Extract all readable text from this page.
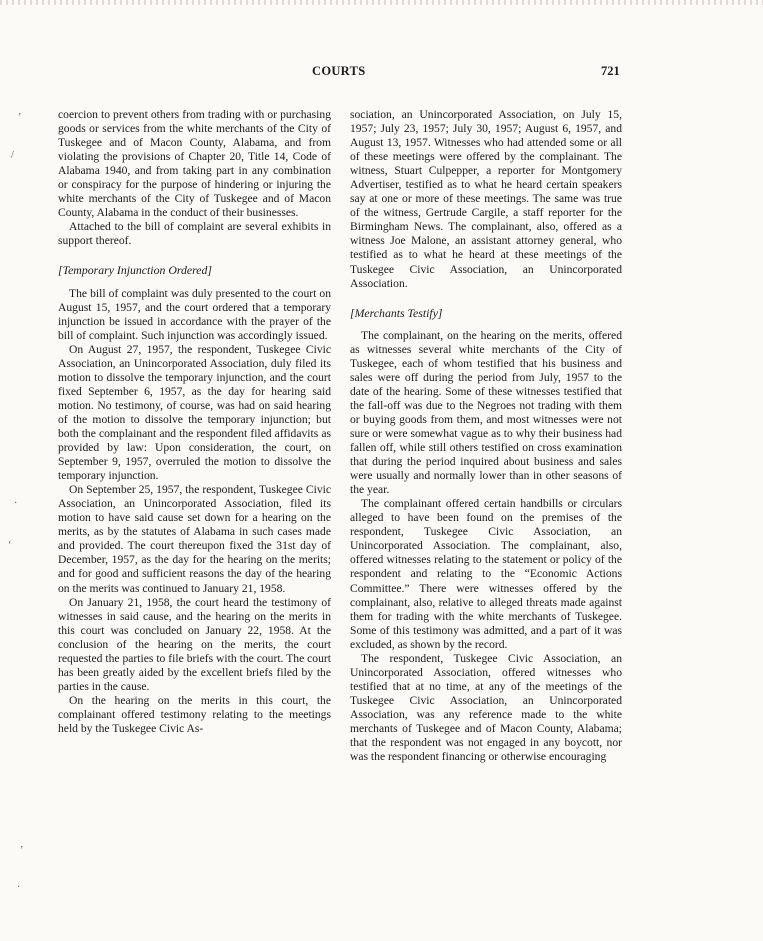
COURTS	721
’
/
·
‘
’
·

coercion to prevent others from trading with or purchasing goods or services from the white merchants of the City of Tuskegee and of Macon County, Alabama, and from violating the provisions of Chapter 20, Title 14, Code of Alabama 1940, and from taking part in any combination or conspiracy for the purpose of hindering or injuring the white merchants of the City of Tuskegee and of Macon County, Alabama in the conduct of their businesses.

Attached to the bill of complaint are several exhibits in support thereof.

[Temporary Injunction Ordered]

The bill of complaint was duly presented to the court on August 15, 1957, and the court ordered that a temporary injunction be issued in accordance with the prayer of the bill of complaint. Such injunction was accordingly issued.

On August 27, 1957, the respondent, Tuskegee Civic Association, an Unincorporated Association, duly filed its motion to dissolve the temporary injunction, and the court fixed September 6, 1957, as the day for hearing said motion. No testimony, of course, was had on said hearing of the motion to dissolve the temporary injunction; but both the complainant and the respondent filed affidavits as provided by law: Upon consideration, the court, on September 9, 1957, overruled the motion to dissolve the temporary injunction.

On September 25, 1957, the respondent, Tuskegee Civic Association, an Unincorporated Association, filed its motion to have said cause set down for a hearing on the merits, as by the statutes of Alabama in such cases made and provided. The court thereupon fixed the 31st day of December, 1957, as the day for the hearing on the merits; and for good and sufficient reasons the day of the hearing on the merits was continued to January 21, 1958.

On January 21, 1958, the court heard the testimony of witnesses in said cause, and the hearing on the merits in this court was concluded on January 22, 1958. At the conclusion of the hearing on the merits, the court requested the parties to file briefs with the court. The court has been greatly aided by the excellent briefs filed by the parties in the cause.

On the hearing on the merits in this court, the complainant offered testimony relating to the meetings held by the Tuskegee Civic As-

sociation, an Unincorporated Association, on July 15, 1957; July 23, 1957; July 30, 1957; August 6, 1957, and August 13, 1957. Witnesses who had attended some or all of these meetings were offered by the complainant. The witness, Stuart Culpepper, a reporter for Montgomery Advertiser, testified as to what he heard certain speakers say at one or more of these meetings. The same was true of the witness, Gertrude Cargile, a staff reporter for the Birmingham News. The complainant, also, offered as a witness Joe Malone, an assistant attorney general, who testified as to what he heard at these meetings of the Tuskegee Civic Association, an Unincorporated Association.

[Merchants Testify]

The complainant, on the hearing on the merits, offered as witnesses several white merchants of the City of Tuskegee, each of whom testified that his business and sales were off during the period from July, 1957 to the date of the hearing. Some of these witnesses testified that the fall-off was due to the Negroes not trading with them or buying goods from them, and most witnesses were not sure or were somewhat vague as to why their business had fallen off, while still others testified on cross examination that during the period inquired about business and sales were usually and normally lower than in other seasons of the year.

The complainant offered certain handbills or circulars alleged to have been found on the premises of the respondent, Tuskegee Civic Association, an Unincorporated Association. The complainant, also, offered witnesses relating to the statement or policy of the respondent and relating to the “Economic Actions Committee.” There were witnesses offered by the complainant, also, relative to alleged threats made against them for trading with the white merchants of Tuskegee. Some of this testimony was admitted, and a part of it was excluded, as shown by the record.

The respondent, Tuskegee Civic Association, an Unincorporated Association, offered witnesses who testified that at no time, at any of the meetings of the Tuskegee Civic Association, an Unincorporated Association, was any reference made to the white merchants of Tuskegee and of Macon County, Alabama; that the respondent was not engaged in any boycott, nor was the respondent financing or otherwise encouraging
